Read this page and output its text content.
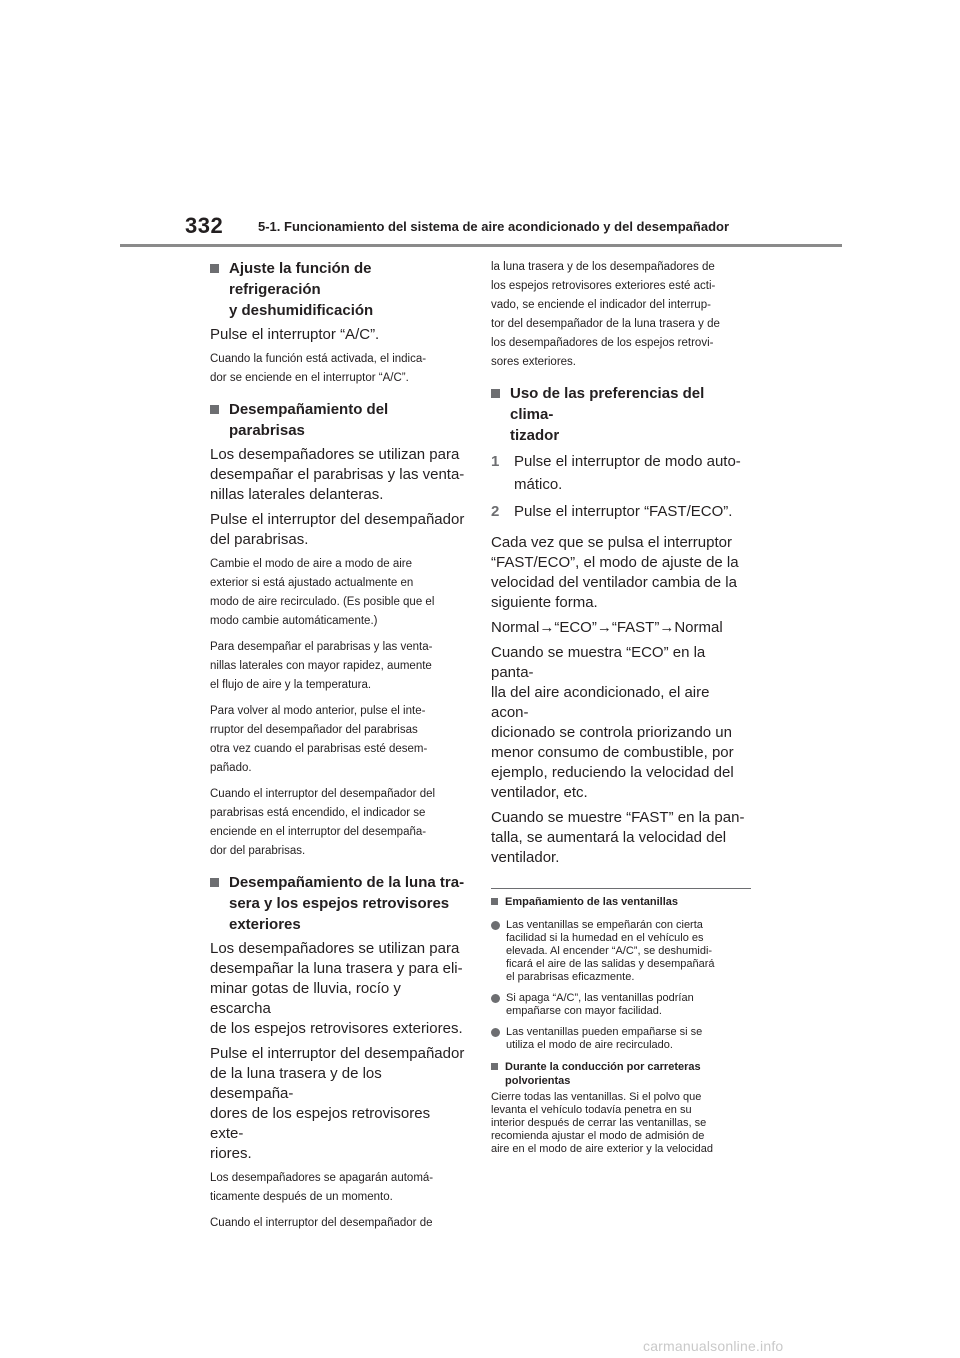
332	5-1. Funcionamiento del sistema de aire acondicionado y del desempañador
Ajuste la función de refrigeración
y deshumidificación
Pulse el interruptor “A/C”.
Cuando la función está activada, el indica-
dor se enciende en el interruptor “A/C”.
Desempañamiento del parabrisas
Los desempañadores se utilizan para
desempañar el parabrisas y las venta-
nillas laterales delanteras.
Pulse el interruptor del desempañador
del parabrisas.
Cambie el modo de aire a modo de aire
exterior si está ajustado actualmente en
modo de aire recirculado. (Es posible que el
modo cambie automáticamente.)
Para desempañar el parabrisas y las venta-
nillas laterales con mayor rapidez, aumente
el flujo de aire y la temperatura.
Para volver al modo anterior, pulse el inte-
rruptor del desempañador del parabrisas
otra vez cuando el parabrisas esté desem-
pañado.
Cuando el interruptor del desempañador del
parabrisas está encendido, el indicador se
enciende en el interruptor del desempaña-
dor del parabrisas.
Desempañamiento de la luna tra-
sera y los espejos retrovisores
exteriores
Los desempañadores se utilizan para
desempañar la luna trasera y para eli-
minar gotas de lluvia, rocío y escarcha
de los espejos retrovisores exteriores.
Pulse el interruptor del desempañador
de la luna trasera y de los desempaña-
dores de los espejos retrovisores exte-
riores.
Los desempañadores se apagarán automá-
ticamente después de un momento.
Cuando el interruptor del desempañador de
la luna trasera y de los desempañadores de
los espejos retrovisores exteriores esté acti-
vado, se enciende el indicador del interrup-
tor del desempañador de la luna trasera y de
los desempañadores de los espejos retrovi-
sores exteriores.
Uso de las preferencias del clima-
tizador
1 Pulse el interruptor de modo auto-
mático.
2 Pulse el interruptor “FAST/ECO”.
Cada vez que se pulsa el interruptor
“FAST/ECO”, el modo de ajuste de la
velocidad del ventilador cambia de la
siguiente forma.
Normal→“ECO”→“FAST”→Normal
Cuando se muestra “ECO” en la panta-
lla del aire acondicionado, el aire acon-
dicionado se controla priorizando un
menor consumo de combustible, por
ejemplo, reduciendo la velocidad del
ventilador, etc.
Cuando se muestre “FAST” en la pan-
talla, se aumentará la velocidad del
ventilador.
Empañamiento de las ventanillas
Las ventanillas se empeñarán con cierta
facilidad si la humedad en el vehículo es
elevada. Al encender “A/C”, se deshumidi-
ficará el aire de las salidas y desempañará
el parabrisas eficazmente.
Si apaga “A/C”, las ventanillas podrían
empañarse con mayor facilidad.
Las ventanillas pueden empañarse si se
utiliza el modo de aire recirculado.
Durante la conducción por carreteras
polvorientas
Cierre todas las ventanillas. Si el polvo que
levanta el vehículo todavía penetra en su
interior después de cerrar las ventanillas, se
recomienda ajustar el modo de admisión de
aire en el modo de aire exterior y la velocidad
carmanualsonline.info
